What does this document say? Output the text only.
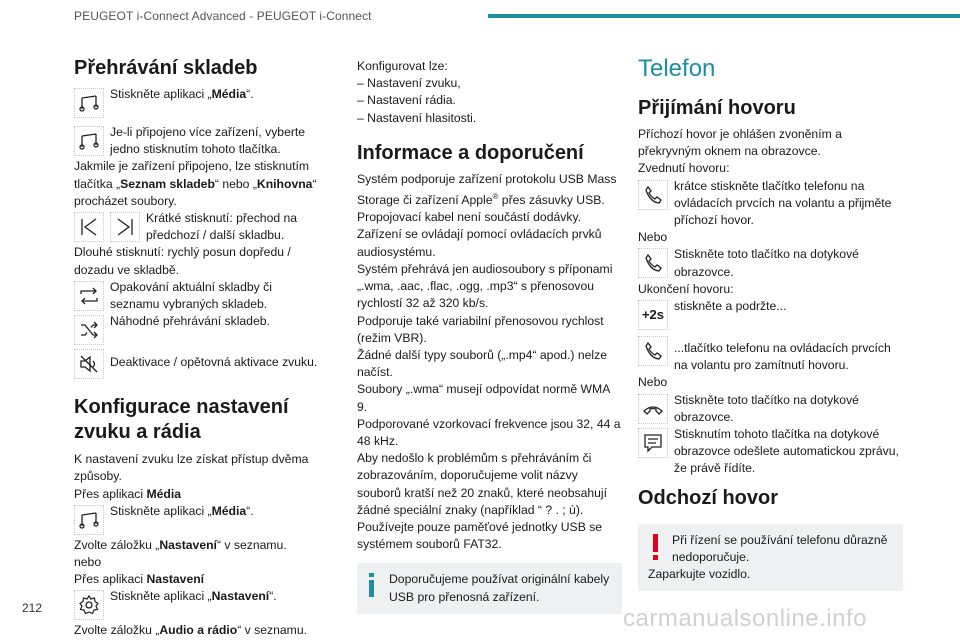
PEUGEOT i-Connect Advanced - PEUGEOT i-Connect
Přehrávání skladeb
Stiskněte aplikaci „Média“.
Je-li připojeno více zařízení, vyberte jedno stisknutím tohoto tlačítka.

Jakmile je zařízení připojeno, lze stisknutím tlačítka „Seznam skladeb“ nebo „Knihovna“ procházet soubory.

Krátké stisknutí: přechod na předchozí / další skladbu.

Dlouhé stisknutí: rychlý posun dopředu / dozadu ve skladbě.

Opakování aktuální skladby či seznamu vybraných skladeb.
Náhodné přehrávání skladeb.
Deaktivace / opětovná aktivace zvuku.
Konfigurace nastavení zvuku a rádia

K nastavení zvuku lze získat přístup dvěma způsoby.

Přes aplikaci Média

Stiskněte aplikaci „Média“.

Zvolte záložku „Nastavení“ v seznamu.

nebo

Přes aplikaci Nastavení

Stiskněte aplikaci „Nastavení“.

Zvolte záložku „Audio a rádio“ v seznamu.

Konfigurovat lze:

– Nastavení zvuku,

– Nastavení rádia.

– Nastavení hlasitosti.

Informace a doporučení

Systém podporuje zařízení protokolu USB Mass Storage či zařízení Apple® přes zásuvky USB. Propojovací kabel není součástí dodávky.

Zařízení se ovládají pomocí ovládacích prvků audiosystému.

Systém přehrává jen audiosoubory s příponami „.wma, .aac, .flac, .ogg, .mp3“ s přenosovou rychlostí 32 až 320 kb/s.

Podporuje také variabilní přenosovou rychlost (režim VBR).

Žádné další typy souborů („.mp4“ apod.) nelze načíst.

Soubory „.wma“ musejí odpovídat normě WMA 9.

Podporované vzorkovací frekvence jsou 32, 44 a 48 kHz.

Aby nedošlo k problémům s přehráváním či zobrazováním, doporučujeme volit názvy souborů kratší než 20 znaků, které neobsahují žádné speciální znaky (například “ ? . ; ù).

Používejte pouze paměťové jednotky USB se systémem souborů FAT32.

Doporučujeme používat originální kabely USB pro přenosná zařízení.
Telefon
Přijímání hovoru

Příchozí hovor je ohlášen zvoněním a překryvným oknem na obrazovce.

Zvednutí hovoru:

krátce stiskněte tlačítko telefonu na ovládacích prvcích na volantu a přijměte příchozí hovor.

Nebo

Stiskněte toto tlačítko na dotykové obrazovce.

Ukončení hovoru:

+2s
stiskněte a podržte...
...tlačítko telefonu na ovládacích prvcích na volantu pro zamítnutí hovoru.

Nebo

Stiskněte toto tlačítko na dotykové obrazovce.
Stisknutím tohoto tlačítka na dotykové obrazovce odešlete automatickou zprávu, že právě řídíte.
Odchozí hovor
Při řízení se používání telefonu důrazně nedoporučuje.
Zaparkujte vozidlo.
212	carmanualsonline.info
